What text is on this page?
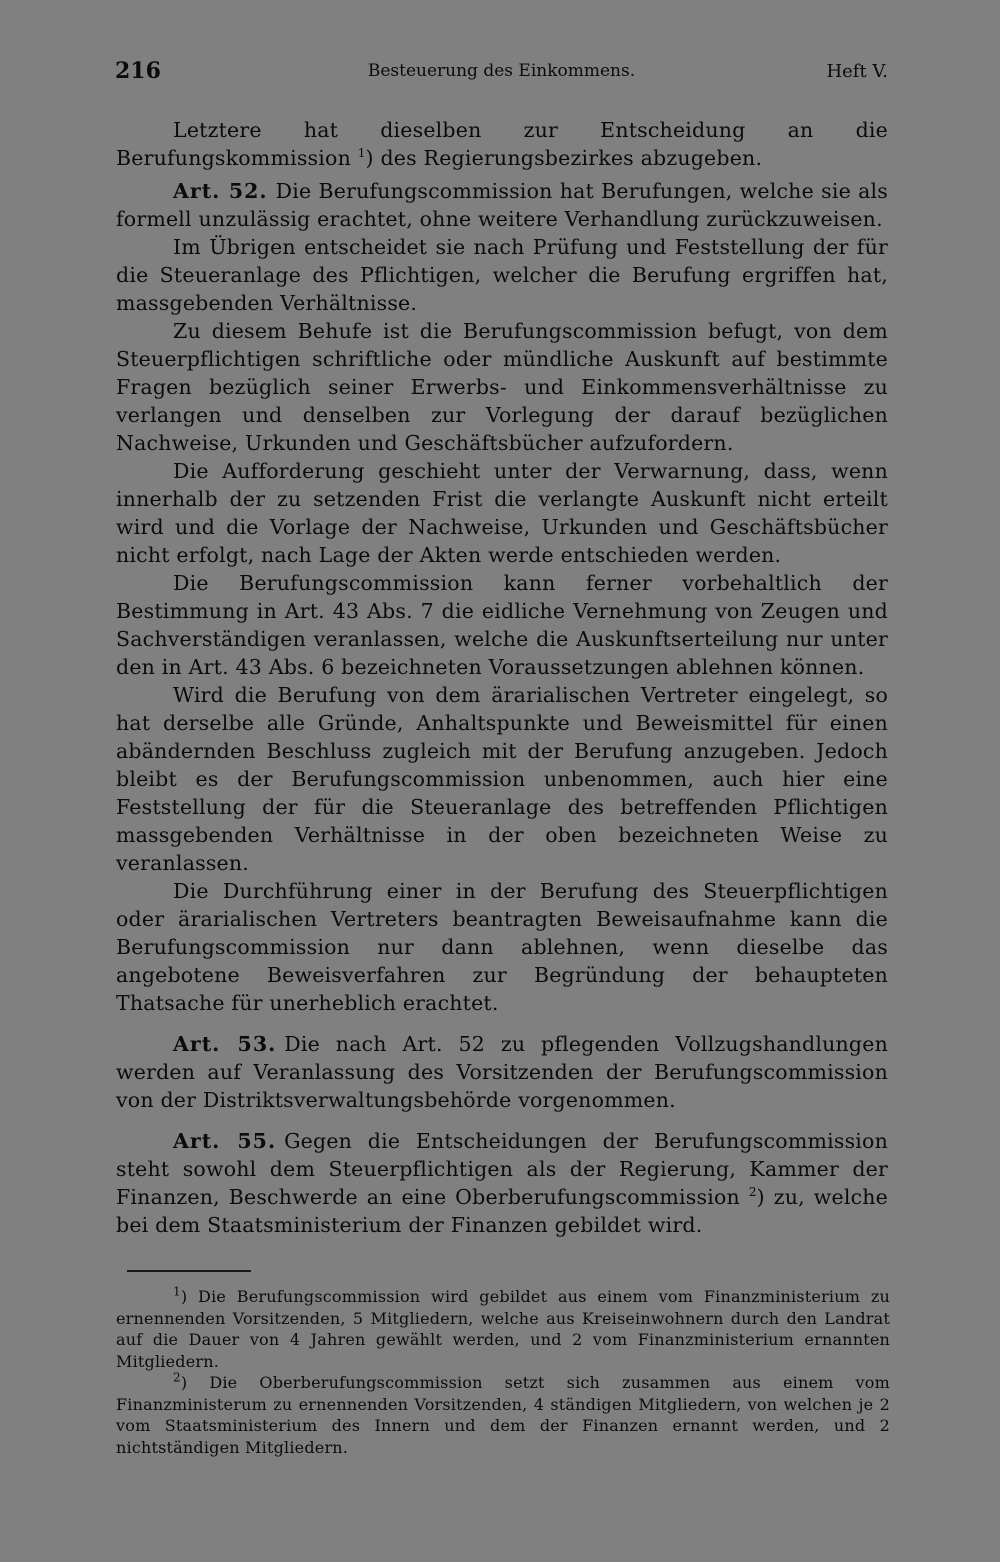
216	Besteuerung des Einkommens.	Heft V.

Letztere hat dieselben zur Entscheidung an die Berufungskommission $^1$) des Regierungsbezirkes abzugeben.

Art. 52. Die Berufungscommission hat Berufungen, welche sie als formell unzulässig erachtet, ohne weitere Verhandlung zurückzuweisen.

Im Übrigen entscheidet sie nach Prüfung und Feststellung der für die Steueranlage des Pflichtigen, welcher die Berufung ergriffen hat, massgebenden Verhältnisse.

Zu diesem Behufe ist die Berufungscommission befugt, von dem Steuerpflichtigen schriftliche oder mündliche Auskunft auf bestimmte Fragen bezüglich seiner Erwerbs- und Einkommensverhältnisse zu verlangen und denselben zur Vorlegung der darauf bezüglichen Nachweise, Urkunden und Geschäftsbücher aufzufordern.

Die Aufforderung geschieht unter der Verwarnung, dass, wenn innerhalb der zu setzenden Frist die verlangte Auskunft nicht erteilt wird und die Vorlage der Nachweise, Urkunden und Geschäftsbücher nicht erfolgt, nach Lage der Akten werde entschieden werden.

Die Berufungscommission kann ferner vorbehaltlich der Bestimmung in Art. 43 Abs. 7 die eidliche Vernehmung von Zeugen und Sachverständigen veranlassen, welche die Auskunftserteilung nur unter den in Art. 43 Abs. 6 bezeichneten Voraussetzungen ablehnen können.

Wird die Berufung von dem ärarialischen Vertreter eingelegt, so hat derselbe alle Gründe, Anhaltspunkte und Beweismittel für einen abändernden Beschluss zugleich mit der Berufung anzugeben. Jedoch bleibt es der Berufungscommission unbenommen, auch hier eine Feststellung der für die Steueranlage des betreffenden Pflichtigen massgebenden Verhältnisse in der oben bezeichneten Weise zu veranlassen.

Die Durchführung einer in der Berufung des Steuerpflichtigen oder ärarialischen Vertreters beantragten Beweisaufnahme kann die Berufungscommission nur dann ablehnen, wenn dieselbe das angebotene Beweisverfahren zur Begründung der behaupteten Thatsache für unerheblich erachtet.

Art. 53. Die nach Art. 52 zu pflegenden Vollzugshandlungen werden auf Veranlassung des Vorsitzenden der Berufungscommission von der Distriktsverwaltungsbehörde vorgenommen.

Art. 55. Gegen die Entscheidungen der Berufungscommission steht sowohl dem Steuerpflichtigen als der Regierung, Kammer der Finanzen, Beschwerde an eine Oberberufungscommission $^2$) zu, welche bei dem Staatsministerium der Finanzen gebildet wird.

$^1$) Die Berufungscommission wird gebildet aus einem vom Finanzministerium zu ernennenden Vorsitzenden, 5 Mitgliedern, welche aus Kreiseinwohnern durch den Landrat auf die Dauer von 4 Jahren gewählt werden, und 2 vom Finanzministerium ernannten Mitgliedern.

$^2$) Die Oberberufungscommission setzt sich zusammen aus einem vom Finanzministerum zu ernennenden Vorsitzenden, 4 ständigen Mitgliedern, von welchen je 2 vom Staatsministerium des Innern und dem der Finanzen ernannt werden, und 2 nichtständigen Mitgliedern.
